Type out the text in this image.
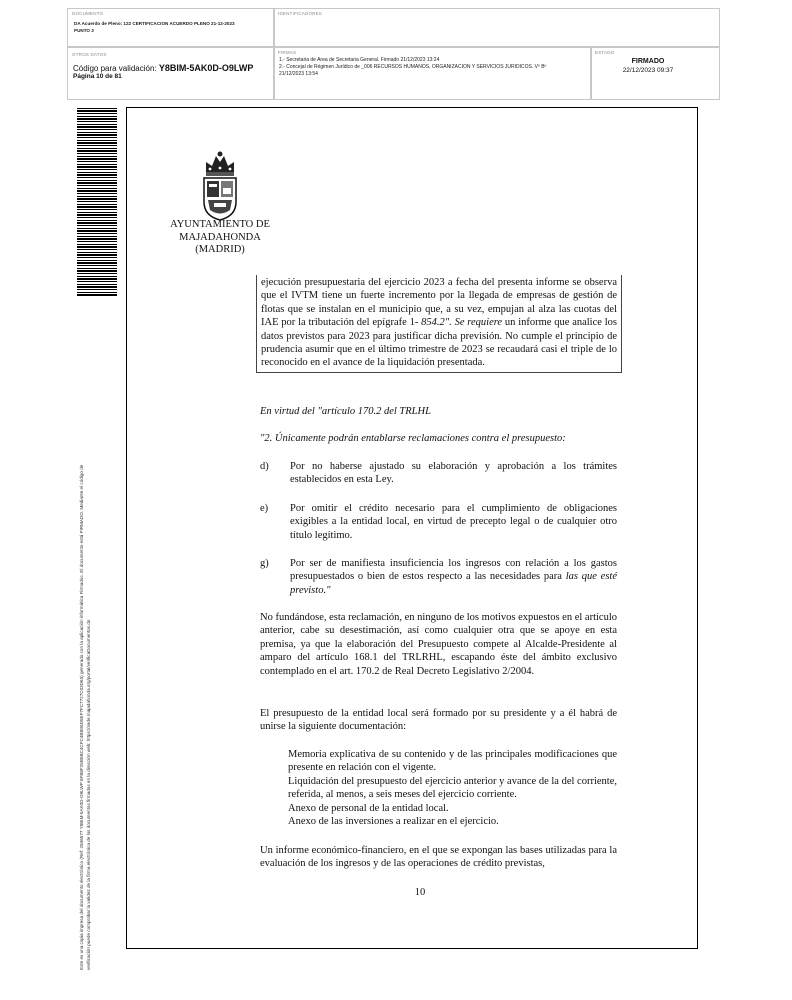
DOCUMENTO
DA Acuerdo de Pleno: 122 CERTIFICACION ACUERDO PLENO 21-12-2023
PUNTO 3
IDENTIFICADORES
OTROS DATOS
Código para validación: Y8BIM-5AK0D-O9LWP
Página 10 de 81
FIRMAS
1.- Secretaria de Area de Secretaria General. Firmado 21/12/2023 13:24
2.- Concejal de Régimen Jurídico de _006 RECURSOS HUMANOS, ORGANIZACIÓN Y SERVICIOS JURIDICOS. Vº Bº
21/12/2023 13:54
ESTADO
FIRMADO
22/12/2023 09:37
Este es una copia impresa del documento electrónico (Ref: 2846577 Y8BIM-5AK0D-O9LWP 6FB8F25B5BC4CFC4BB06D5EF7FC7727C03D63) generado con la aplicación informática Firmadoc. El documento está FIRMADO. Mediante el código de verificación puede comprobar la validez de la firma electrónica de los documentos firmados en la dirección web: https://sede.majadahonda.org/portal/verificaDocumentos.do
AYUNTAMIENTO DE
MAJADAHONDA
(MADRID)
ejecución presupuestaria del ejercicio 2023 a fecha del presenta informe se observa que el IVTM tiene un fuerte incremento por la llegada de empresas de gestión de flotas que se instalan en el municipio que, a su vez, empujan al alza las cuotas del IAE por la tributación del epígrafe 1- 854.2". Se requiere un informe que analice los datos previstos para 2023 para justificar dicha previsión. No cumple el principio de prudencia asumir que en el último trimestre de 2023 se recaudará casi el triple de lo reconocido en el avance de la liquidación presentada.
En virtud del "artículo 170.2 del TRLHL
"2. Únicamente podrán entablarse reclamaciones contra el presupuesto:
d) Por no haberse ajustado su elaboración y aprobación a los trámites establecidos en esta Ley.
e) Por omitir el crédito necesario para el cumplimiento de obligaciones exigibles a la entidad local, en virtud de precepto legal o de cualquier otro título legítimo.
g) Por ser de manifiesta insuficiencia los ingresos con relación a los gastos presupuestados o bien de estos respecto a las necesidades para las que esté previsto."
No fundándose, esta reclamación, en ninguno de los motivos expuestos en el artículo anterior, cabe su desestimación, así como cualquier otra que se apoye en esta premisa, ya que la elaboración del Presupuesto compete al Alcalde-Presidente al amparo del artículo 168.1 del TRLRHL, escapando éste del ámbito exclusivo contemplado en el art. 170.2 de Real Decreto Legislativo 2/2004.
El presupuesto de la entidad local será formado por su presidente y a él habrá de unirse la siguiente documentación:
Memoria explicativa de su contenido y de las principales modificaciones que presente en relación con el vigente.
Liquidación del presupuesto del ejercicio anterior y avance de la del corriente, referida, al menos, a seis meses del ejercicio corriente.
Anexo de personal de la entidad local.
Anexo de las inversiones a realizar en el ejercicio.
Un informe económico-financiero, en el que se expongan las bases utilizadas para la evaluación de los ingresos y de las operaciones de crédito previstas,
10
